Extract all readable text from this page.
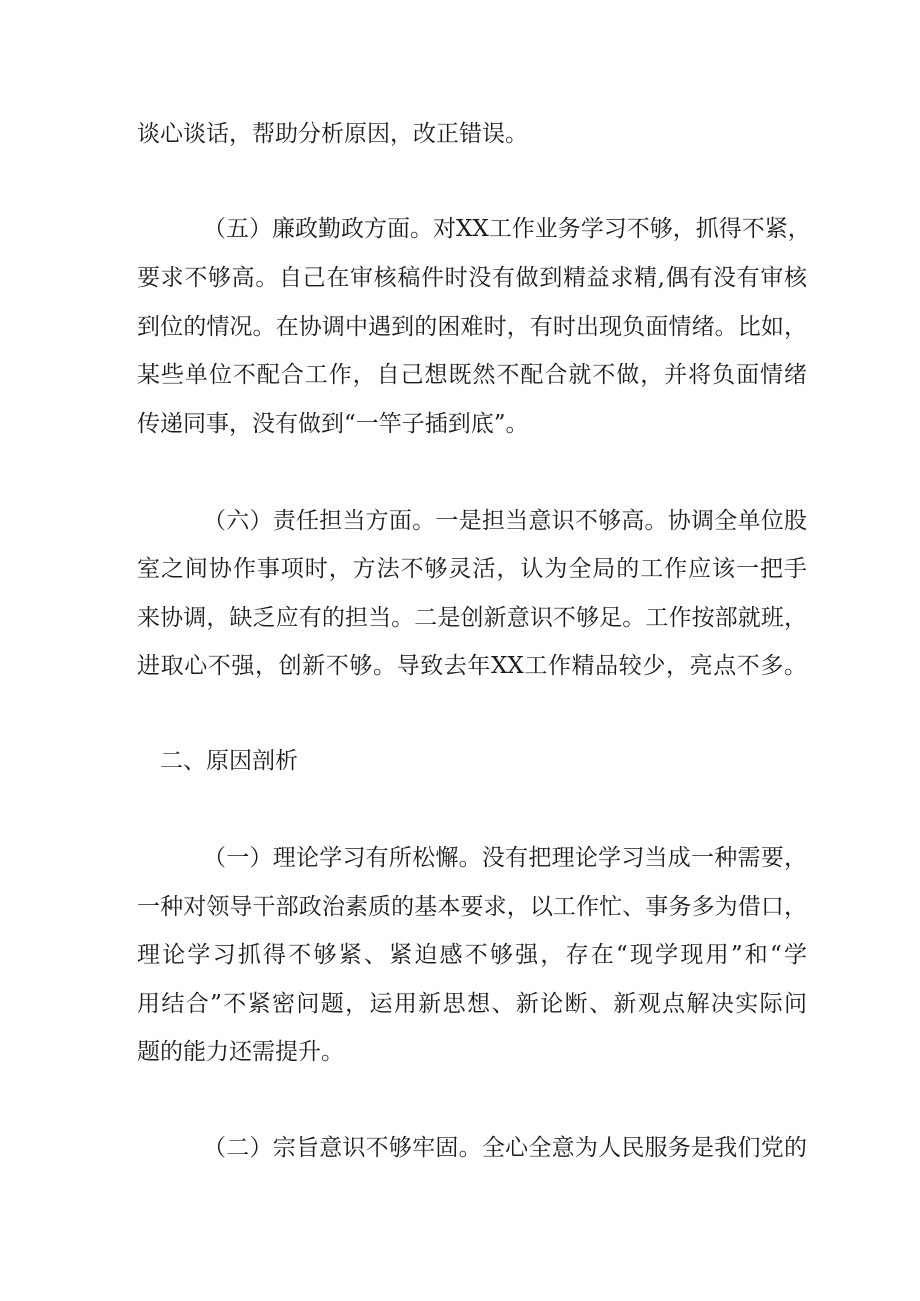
谈心谈话，帮助分析原因，改正错误。
（五）廉政勤政方面。对XX工作业务学习不够，抓得不紧，
要求不够高。自己在审核稿件时没有做到精益求精,偶有没有审核
到位的情况。在协调中遇到的困难时，有时出现负面情绪。比如，
某些单位不配合工作，自己想既然不配合就不做，并将负面情绪
传递同事，没有做到“一竿子插到底”。
（六）责任担当方面。一是担当意识不够高。协调全单位股
室之间协作事项时，方法不够灵活，认为全局的工作应该一把手
来协调，缺乏应有的担当。二是创新意识不够足。工作按部就班，
进取心不强，创新不够。导致去年XX工作精品较少，亮点不多。
二、原因剖析
（一）理论学习有所松懈。没有把理论学习当成一种需要，
一种对领导干部政治素质的基本要求，以工作忙、事务多为借口，
理论学习抓得不够紧、紧迫感不够强，存在“现学现用”和“学
用结合”不紧密问题，运用新思想、新论断、新观点解决实际问
题的能力还需提升。
（二）宗旨意识不够牢固。全心全意为人民服务是我们党的
